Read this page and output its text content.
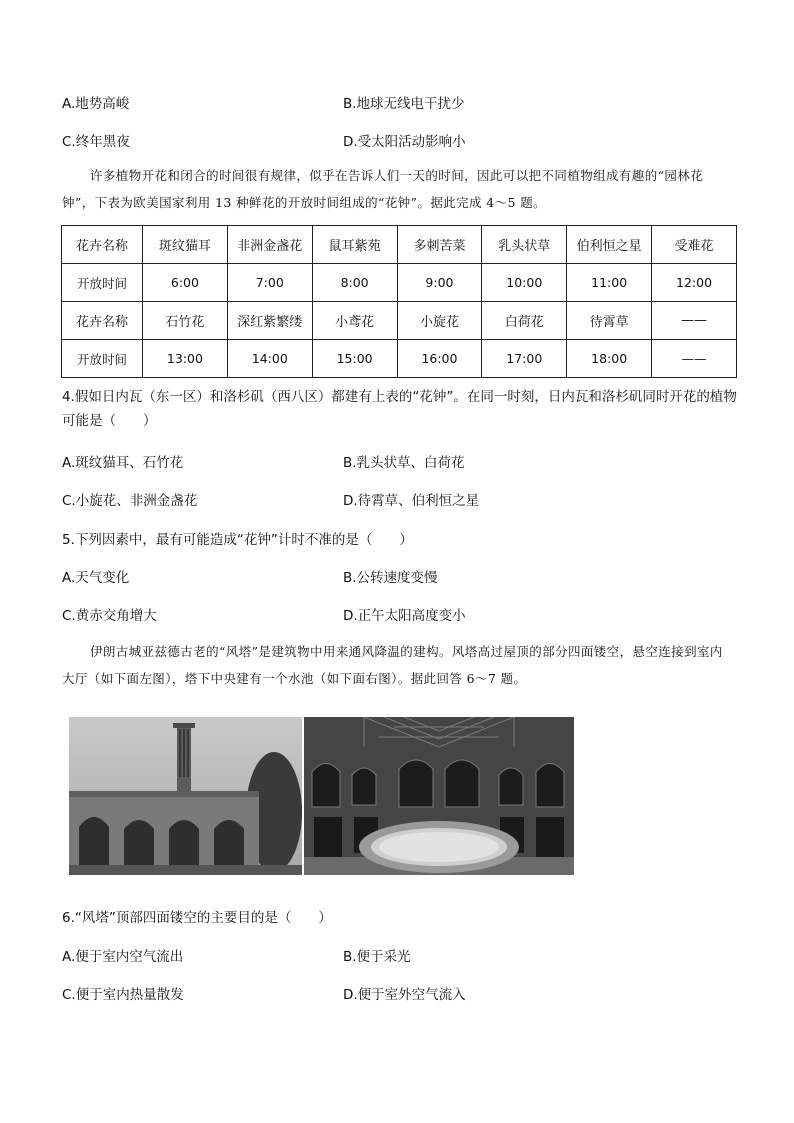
A.地势高峻	B.地球无线电干扰少
C.终年黑夜	D.受太阳活动影响小
许多植物开花和闭合的时间很有规律，似乎在告诉人们一天的时间，因此可以把不同植物组成有趣的“园林花钟”，下表为欧美国家利用 13 种鲜花的开放时间组成的“花钟”。据此完成 4～5 题。
花卉名称	斑纹猫耳	非洲金盏花	鼠耳紫苑	多刺苦菜	乳头状草	伯利恒之星	受难花
开放时间	6:00	7:00	8:00	9:00	10:00	11:00	12:00
花卉名称	石竹花	深红紫繁缕	小鸢花	小旋花	白荷花	待霄草	——
开放时间	13:00	14:00	15:00	16:00	17:00	18:00	——
4.假如日内瓦（东一区）和洛杉矶（西八区）都建有上表的“花钟”。在同一时刻，日内瓦和洛杉矶同时开花的植物可能是（　　）
A.斑纹猫耳、石竹花	B.乳头状草、白荷花
C.小旋花、非洲金盏花	D.待霄草、伯利恒之星
5.下列因素中，最有可能造成“花钟”计时不准的是（　　）
A.天气变化	B.公转速度变慢
C.黄赤交角增大	D.正午太阳高度变小
伊朗古城亚兹德古老的“风塔”是建筑物中用来通风降温的建构。风塔高过屋顶的部分四面镂空，悬空连接到室内大厅（如下面左图），塔下中央建有一个水池（如下面右图）。据此回答 6～7 题。
6.“风塔”顶部四面镂空的主要目的是（　　）
A.便于室内空气流出	B.便于采光
C.便于室内热量散发	D.便于室外空气流入
